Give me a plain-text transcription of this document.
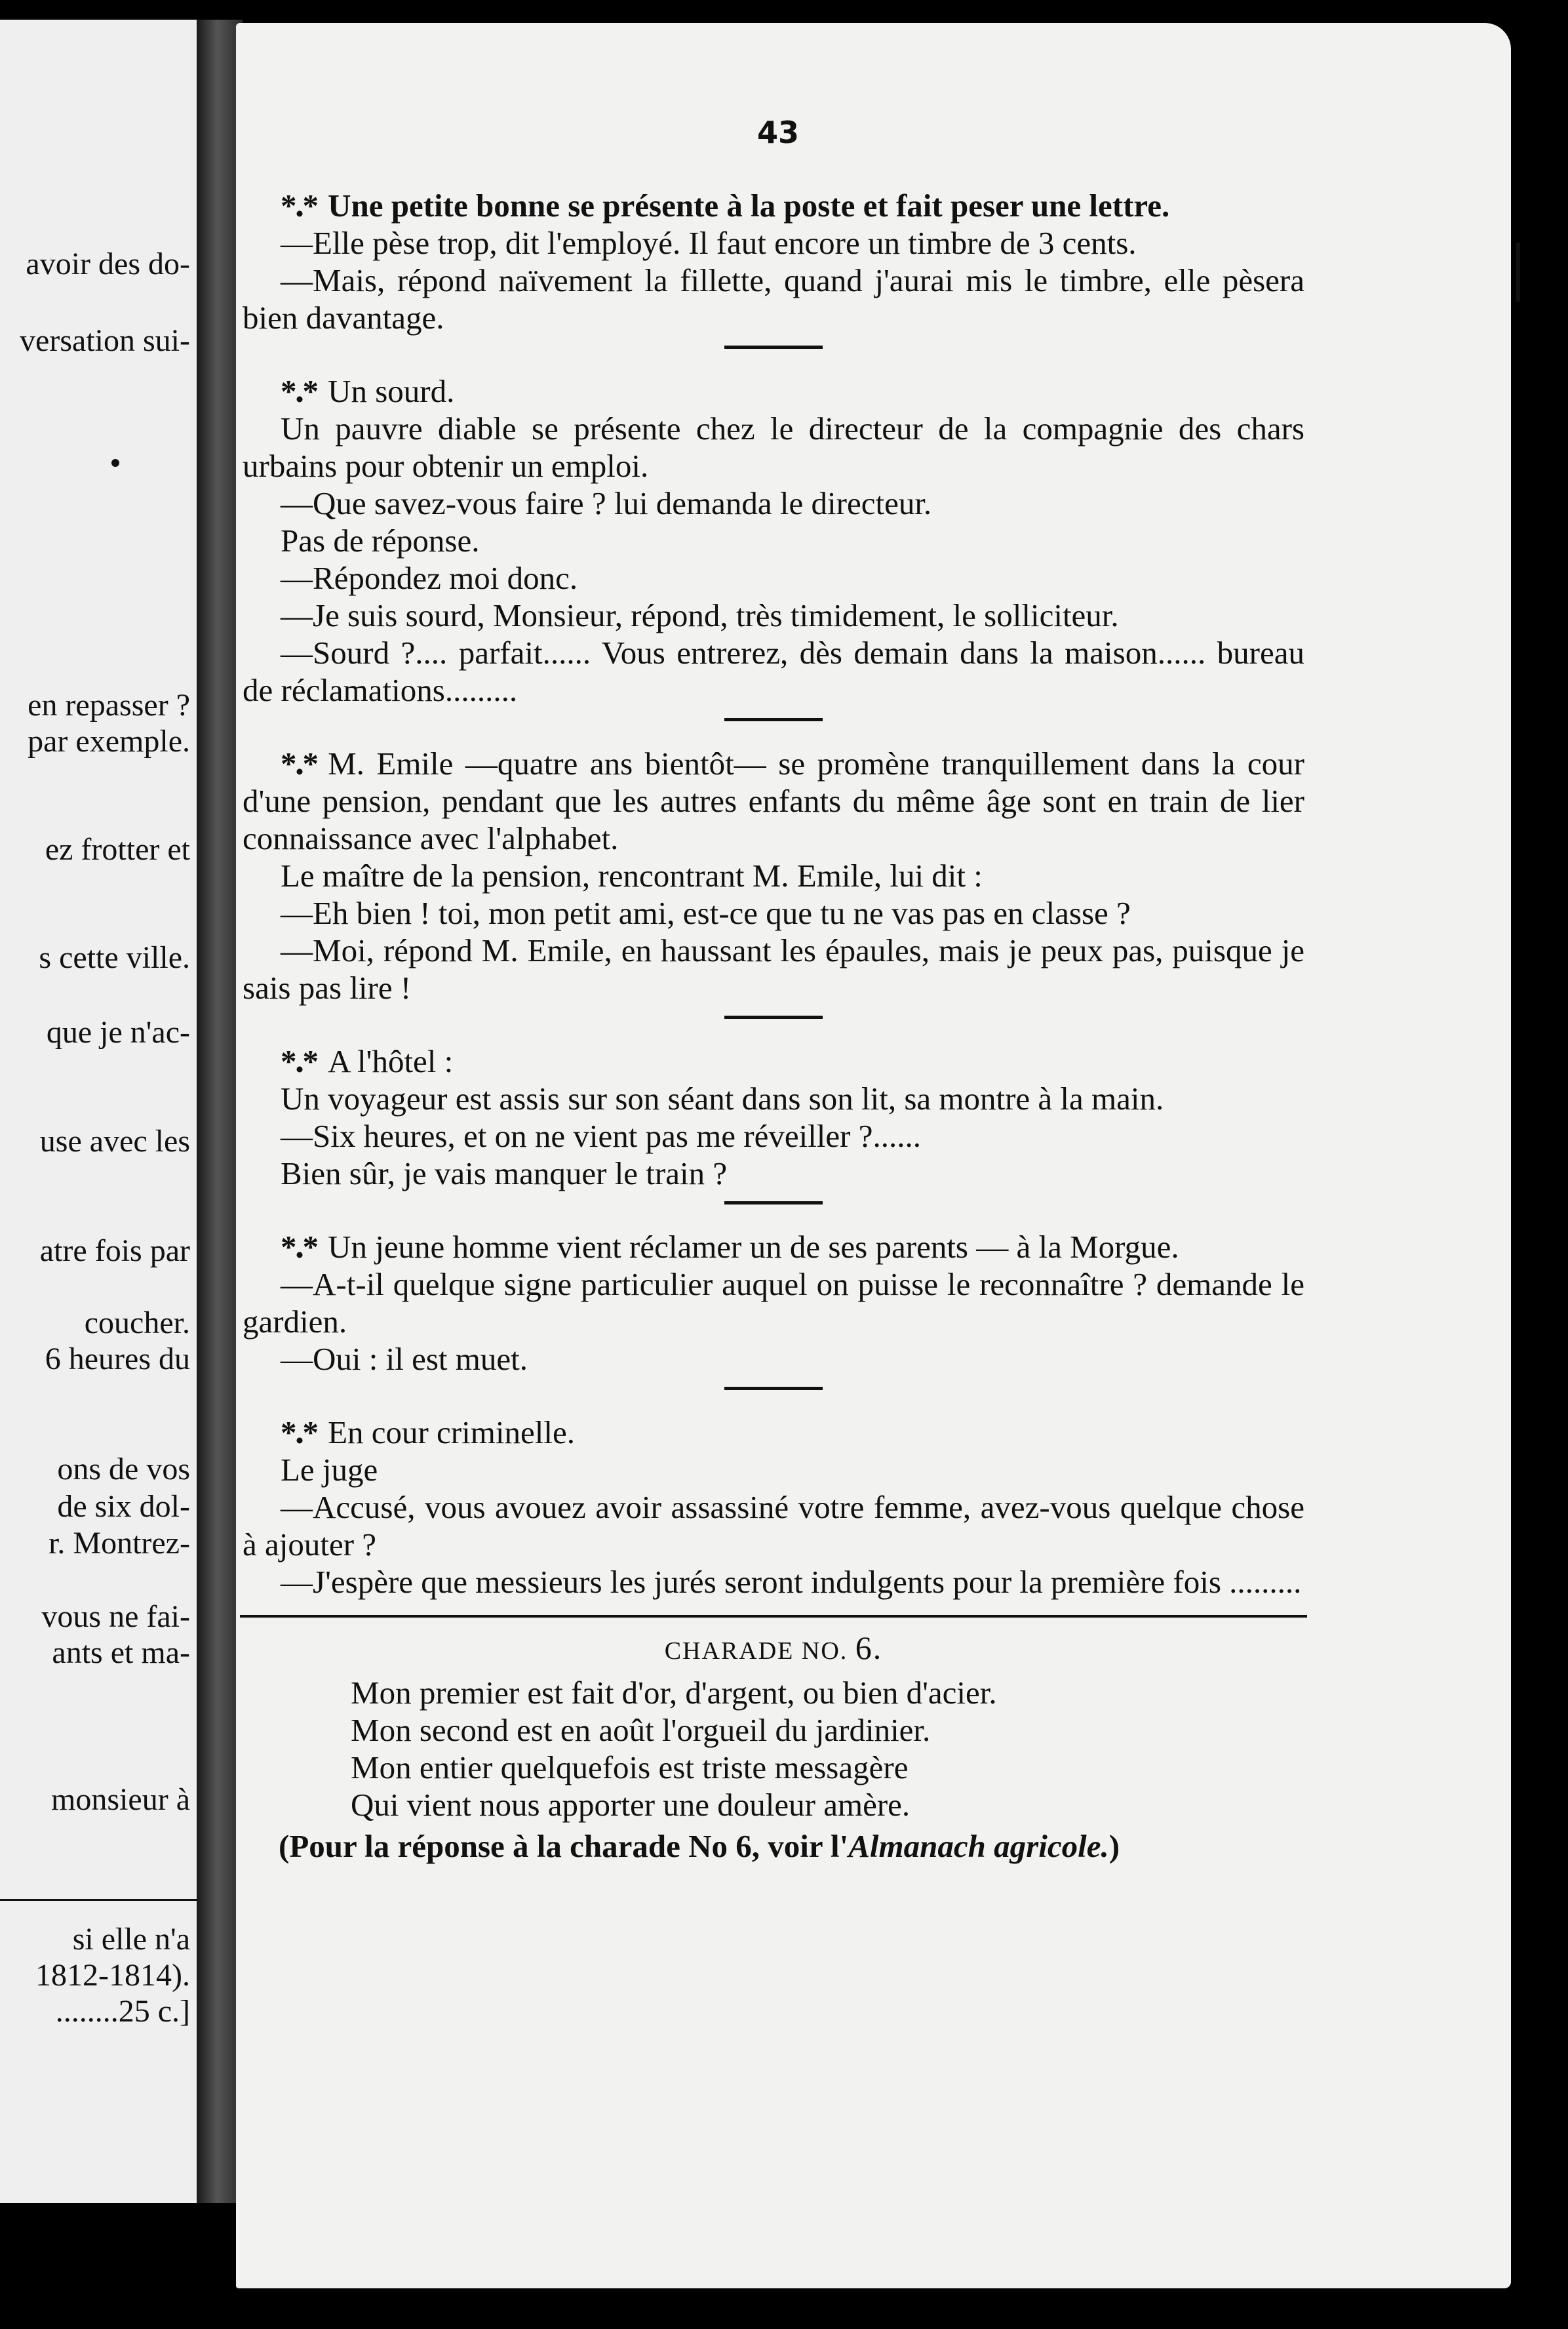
avoir des do-
versation sui-
en repasser ?
par exemple.
ez frotter et
s cette ville.
que je n'ac-
use avec les
atre fois par
coucher.
6 heures du
ons de vos
de six dol-
r. Montrez-
vous ne fai-
ants et ma-
monsieur à
si elle n'a
1812-1814).
........25 c.]
43

*․* Une petite bonne se présente à la poste et fait peser une lettre.

—Elle pèse trop, dit l'employé. Il faut encore un timbre de 3 cents.

—Mais, répond naïvement la fillette, quand j'aurai mis le timbre, elle pèsera bien davantage.

*․* Un sourd.

Un pauvre diable se présente chez le directeur de la compagnie des chars urbains pour obtenir un emploi.

—Que savez-vous faire ? lui demanda le directeur.

Pas de réponse.

—Répondez moi donc.

—Je suis sourd, Monsieur, répond, très timidement, le solliciteur.

—Sourd ?.... parfait...... Vous entrerez, dès demain dans la maison...... bureau de réclamations.........

*․* M. Emile —quatre ans bientôt— se promène tranquillement dans la cour d'une pension, pendant que les autres enfants du même âge sont en train de lier connaissance avec l'alphabet.

Le maître de la pension, rencontrant M. Emile, lui dit :

—Eh bien ! toi, mon petit ami, est-ce que tu ne vas pas en classe ?

—Moi, répond M. Emile, en haussant les épaules, mais je peux pas, puisque je sais pas lire !

*․* A l'hôtel :

Un voyageur est assis sur son séant dans son lit, sa montre à la main.

—Six heures, et on ne vient pas me réveiller ?......

Bien sûr, je vais manquer le train ?

*․* Un jeune homme vient réclamer un de ses parents — à la Morgue.

—A-t-il quelque signe particulier auquel on puisse le reconnaître ? demande le gardien.

—Oui : il est muet.

*․* En cour criminelle.

Le juge

—Accusé, vous avouez avoir assassiné votre femme, avez-vous quelque chose à ajouter ?

—J'espère que messieurs les jurés seront indulgents pour la première fois .........

CHARADE NO. 6.
Mon premier est fait d'or, d'argent, ou bien d'acier.
Mon second est en août l'orgueil du jardinier.
Mon entier quelquefois est triste messagère
Qui vient nous apporter une douleur amère.
(Pour la réponse à la charade No 6, voir l'Almanach agricole.)
